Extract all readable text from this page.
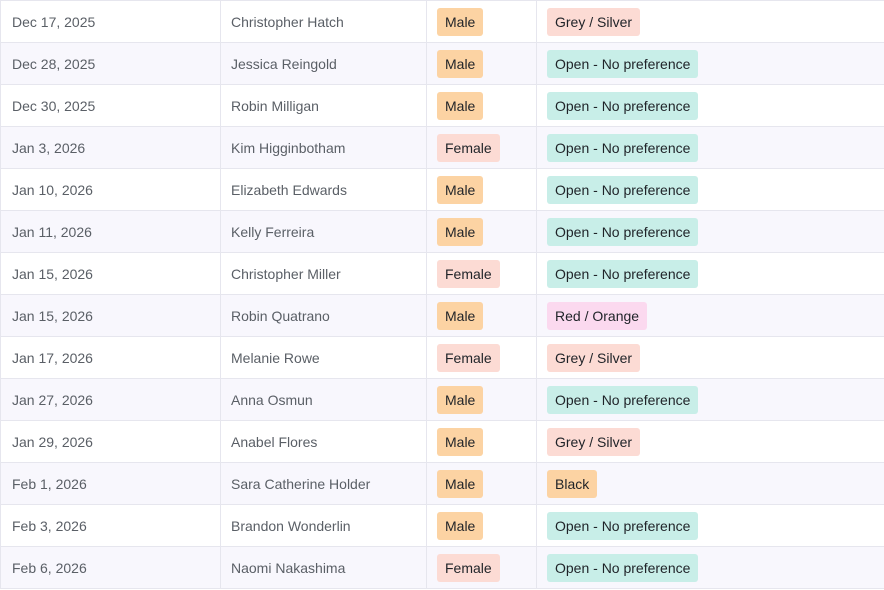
Dec 17, 2025	Christopher Hatch	Male	Grey / Silver
Dec 28, 2025	Jessica Reingold	Male	Open - No preference
Dec 30, 2025	Robin Milligan	Male	Open - No preference
Jan 3, 2026	Kim Higginbotham	Female	Open - No preference
Jan 10, 2026	Elizabeth Edwards	Male	Open - No preference
Jan 11, 2026	Kelly Ferreira	Male	Open - No preference
Jan 15, 2026	Christopher Miller	Female	Open - No preference
Jan 15, 2026	Robin Quatrano	Male	Red / Orange
Jan 17, 2026	Melanie Rowe	Female	Grey / Silver
Jan 27, 2026	Anna Osmun	Male	Open - No preference
Jan 29, 2026	Anabel Flores	Male	Grey / Silver
Feb 1, 2026	Sara Catherine Holder	Male	Black
Feb 3, 2026	Brandon Wonderlin	Male	Open - No preference
Feb 6, 2026	Naomi Nakashima	Female	Open - No preference
